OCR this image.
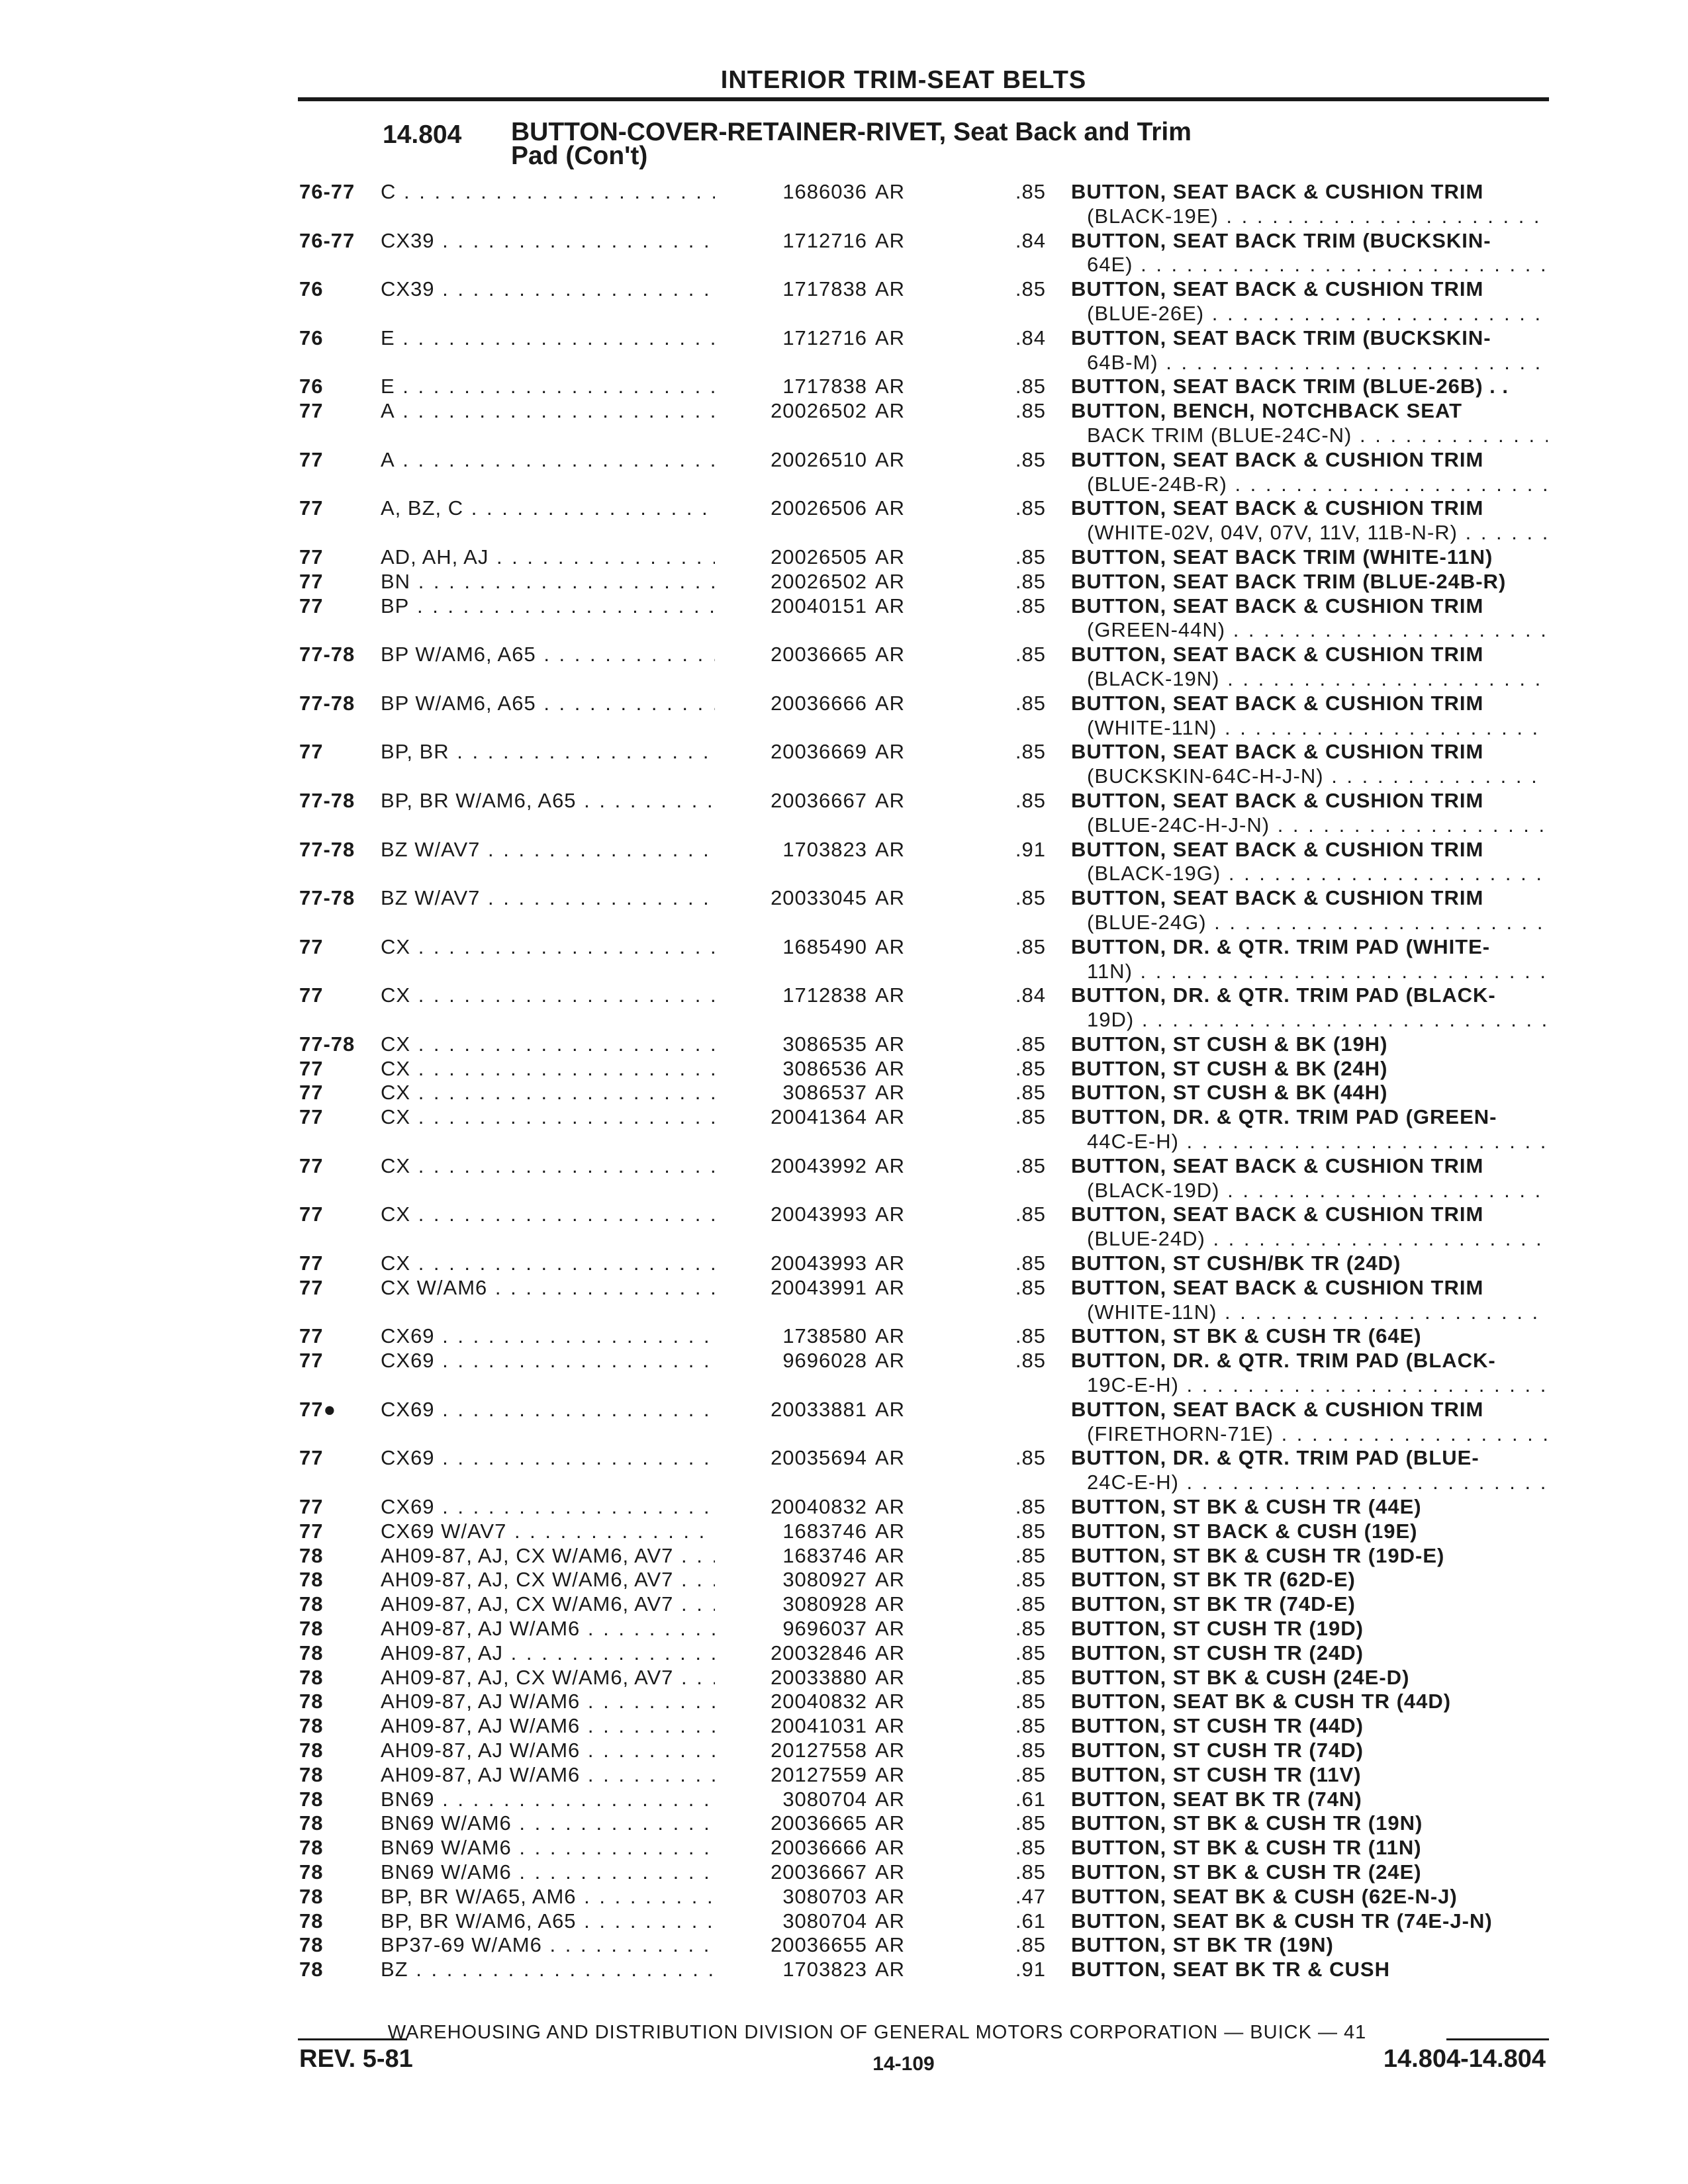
INTERIOR TRIM-SEAT BELTS
14.804 BUTTON-COVER-RETAINER-RIVET, Seat Back and Trim
Pad (Con't)
76-77 C . . .	1686036 AR	.85 BUTTON, SEAT BACK & CUSHION TRIM
(BLACK-19E) . . .
76-77 CX39 . . .	1712716 AR	.84 BUTTON, SEAT BACK TRIM (BUCKSKIN-
64E) . . .
76	CX39 . . .	1717838 AR	.85 BUTTON, SEAT BACK & CUSHION TRIM
(BLUE-26E) . . .
76	E . . .	1712716 AR	.84 BUTTON, SEAT BACK TRIM (BUCKSKIN-
64B-M) . . .
76	E . . .	1717838 AR	.85 BUTTON, SEAT BACK TRIM (BLUE-26B) . .
77	A . . .	20026502 AR	.85 BUTTON, BENCH, NOTCHBACK SEAT
BACK TRIM (BLUE-24C-N) . . .
77	A . . .	20026510 AR	.85 BUTTON, SEAT BACK & CUSHION TRIM
(BLUE-24B-R) . . .
77	A, BZ, C . . .	20026506 AR	.85 BUTTON, SEAT BACK & CUSHION TRIM
(WHITE-02V, 04V, 07V, 11V, 11B-N-R) . . .
77	AD, AH, AJ . . .	20026505 AR	.85 BUTTON, SEAT BACK TRIM (WHITE-11N)
77	BN . . .	20026502 AR	.85 BUTTON, SEAT BACK TRIM (BLUE-24B-R)
77	BP . . .	20040151 AR	.85 BUTTON, SEAT BACK & CUSHION TRIM
(GREEN-44N) . . .
77-78 BP W/AM6, A65 . . .	20036665 AR	.85 BUTTON, SEAT BACK & CUSHION TRIM
(BLACK-19N) . . .
77-78 BP W/AM6, A65 . . .	20036666 AR	.85 BUTTON, SEAT BACK & CUSHION TRIM
(WHITE-11N) . . .
77	BP, BR . . .	20036669 AR	.85 BUTTON, SEAT BACK & CUSHION TRIM
(BUCKSKIN-64C-H-J-N) . . .
77-78 BP, BR W/AM6, A65 . . .	20036667 AR	.85 BUTTON, SEAT BACK & CUSHION TRIM
(BLUE-24C-H-J-N) . . .
77-78 BZ W/AV7 . . .	1703823 AR	.91 BUTTON, SEAT BACK & CUSHION TRIM
(BLACK-19G) . . .
77-78 BZ W/AV7 . . .	20033045 AR	.85 BUTTON, SEAT BACK & CUSHION TRIM
(BLUE-24G) . . .
77	CX . . .	1685490 AR	.85 BUTTON, DR. & QTR. TRIM PAD (WHITE-
11N) . . .
77	CX . . .	1712838 AR	.84 BUTTON, DR. & QTR. TRIM PAD (BLACK-
19D) . . .
77-78 CX . . .	3086535 AR	.85 BUTTON, ST CUSH & BK (19H)
77	CX . . .	3086536 AR	.85 BUTTON, ST CUSH & BK (24H)
77	CX . . .	3086537 AR	.85 BUTTON, ST CUSH & BK (44H)
77	CX . . .	20041364 AR	.85 BUTTON, DR. & QTR. TRIM PAD (GREEN-
44C-E-H) . . .
77	CX . . .	20043992 AR	.85 BUTTON, SEAT BACK & CUSHION TRIM
(BLACK-19D) . . .
77	CX . . .	20043993 AR	.85 BUTTON, SEAT BACK & CUSHION TRIM
(BLUE-24D) . . .
77	CX . . .	20043993 AR	.85 BUTTON, ST CUSH/BK TR (24D)
77	CX W/AM6 . . .	20043991 AR	.85 BUTTON, SEAT BACK & CUSHION TRIM
(WHITE-11N) . . .
77	CX69 . . .	1738580 AR	.85 BUTTON, ST BK & CUSH TR (64E)
77	CX69 . . .	9696028 AR	.85 BUTTON, DR. & QTR. TRIM PAD (BLACK-
19C-E-H) . . .
77● CX69 . . .	20033881 AR	BUTTON, SEAT BACK & CUSHION TRIM
(FIRETHORN-71E) . . .
77	CX69 . . .	20035694 AR	.85 BUTTON, DR. & QTR. TRIM PAD (BLUE-
24C-E-H) . . .
77	CX69 . . .	20040832 AR	.85 BUTTON, ST BK & CUSH TR (44E)
77	CX69 W/AV7 . . .	1683746 AR	.85 BUTTON, ST BACK & CUSH (19E)
78	AH09-87, AJ, CX W/AM6, AV7 . . .	1683746 AR	.85 BUTTON, ST BK & CUSH TR (19D-E)
78	AH09-87, AJ, CX W/AM6, AV7 . . .	3080927 AR	.85 BUTTON, ST BK TR (62D-E)
78	AH09-87, AJ, CX W/AM6, AV7 . . .	3080928 AR	.85 BUTTON, ST BK TR (74D-E)
78	AH09-87, AJ W/AM6 . . .	9696037 AR	.85 BUTTON, ST CUSH TR (19D)
78	AH09-87, AJ . . .	20032846 AR	.85 BUTTON, ST CUSH TR (24D)
78	AH09-87, AJ, CX W/AM6, AV7 . . .	20033880 AR	.85 BUTTON, ST BK & CUSH (24E-D)
78	AH09-87, AJ W/AM6 . . .	20040832 AR	.85 BUTTON, SEAT BK & CUSH TR (44D)
78	AH09-87, AJ W/AM6 . . .	20041031 AR	.85 BUTTON, ST CUSH TR (44D)
78	AH09-87, AJ W/AM6 . . .	20127558 AR	.85 BUTTON, ST CUSH TR (74D)
78	AH09-87, AJ W/AM6 . . .	20127559 AR	.85 BUTTON, ST CUSH TR (11V)
78	BN69 . . .	3080704 AR	.61 BUTTON, SEAT BK TR (74N)
78	BN69 W/AM6 . . .	20036665 AR	.85 BUTTON, ST BK & CUSH TR (19N)
78	BN69 W/AM6 . . .	20036666 AR	.85 BUTTON, ST BK & CUSH TR (11N)
78	BN69 W/AM6 . . .	20036667 AR	.85 BUTTON, ST BK & CUSH TR (24E)
78	BP, BR W/A65, AM6 . . .	3080703 AR	.47 BUTTON, SEAT BK & CUSH (62E-N-J)
78	BP, BR W/AM6, A65 . . .	3080704 AR	.61 BUTTON, SEAT BK & CUSH TR (74E-J-N)
78	BP37-69 W/AM6 . . .	20036655 AR	.85 BUTTON, ST BK TR (19N)
78	BZ . . .	1703823 AR	.91 BUTTON, SEAT BK TR & CUSH
WAREHOUSING AND DISTRIBUTION DIVISION OF GENERAL MOTORS CORPORATION — BUICK — 41
REV. 5-81	14-109	14.804-14.804
